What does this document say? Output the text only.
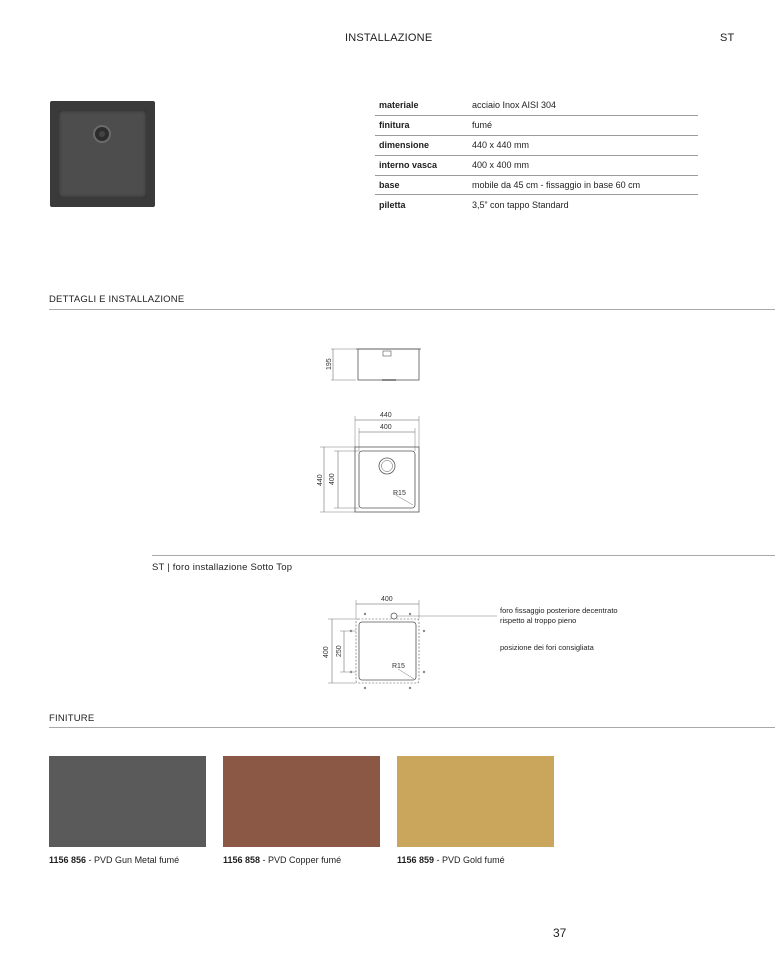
INSTALLAZIONE	ST
materiale	acciaio Inox AISI 304
finitura	fumé
dimensione	440 x 440 mm
interno vasca	400 x 400 mm
base	mobile da 45 cm - fissaggio in base 60 cm
piletta	3,5” con tappo Standard
DETTAGLI E INSTALLAZIONE
195
440
400
440 400
R15
400
400 250
R15
ST | foro installazione Sotto Top
foro fissaggio posteriore decentrato
rispetto al troppo pieno
posizione dei fori consigliata
FINITURE
1156 856 - PVD Gun Metal fumé	1156 858 - PVD Copper fumé	1156 859 - PVD Gold fumé
37
